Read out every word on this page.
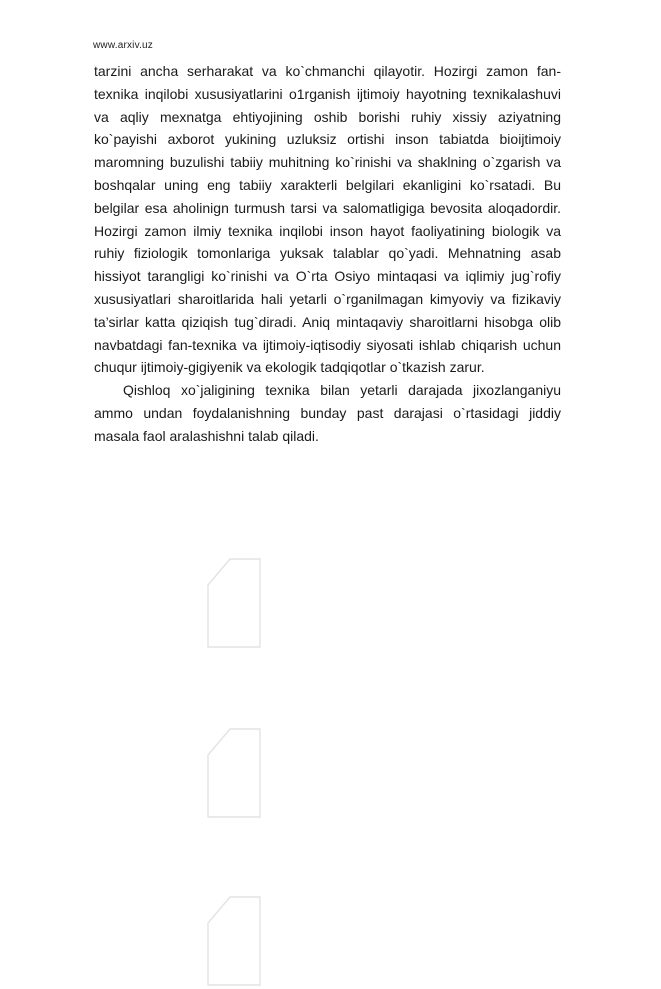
www.arxiv.uz

tarzini ancha serharakat va ko`chmanchi qilayotir. Hozirgi zamon fan-texnika inqilobi xususiyatlarini o1rganish ijtimoiy hayotning texnikalashuvi va aqliy mexnatga ehtiyojining oshib borishi ruhiy xissiy aziyatning ko`payishi axborot yukining uzluksiz ortishi inson tabiatda bioijtimoiy maromning buzulishi tabiiy muhitning ko`rinishi va shaklning o`zgarish va boshqalar uning eng tabiiy xarakterli belgilari ekanligini ko`rsatadi. Bu belgilar esa aholinign turmush tarsi va salomatligiga bevosita aloqadordir. Hozirgi zamon ilmiy texnika inqilobi inson hayot faoliyatining biologik va ruhiy fiziologik tomonlariga yuksak talablar qo`yadi. Mehnatning asab hissiyot tarangligi ko`rinishi va O`rta Osiyo mintaqasi va iqlimiy jug`rofiy xususiyatlari sharoitlarida hali yetarli o`rganilmagan kimyoviy va fizikaviy ta’sirlar katta qiziqish tug`diradi. Aniq mintaqaviy sharoitlarni hisobga olib navbatdagi fan-texnika va ijtimoiy-iqtisodiy siyosati ishlab chiqarish uchun chuqur ijtimoiy-gigiyenik va ekologik tadqiqotlar o`tkazish zarur.

Qishloq xo`jaligining texnika bilan yetarli darajada jixozlanganiyu ammo undan foydalanishning bunday past darajasi o`rtasidagi jiddiy masala faol aralashishni talab qiladi.
